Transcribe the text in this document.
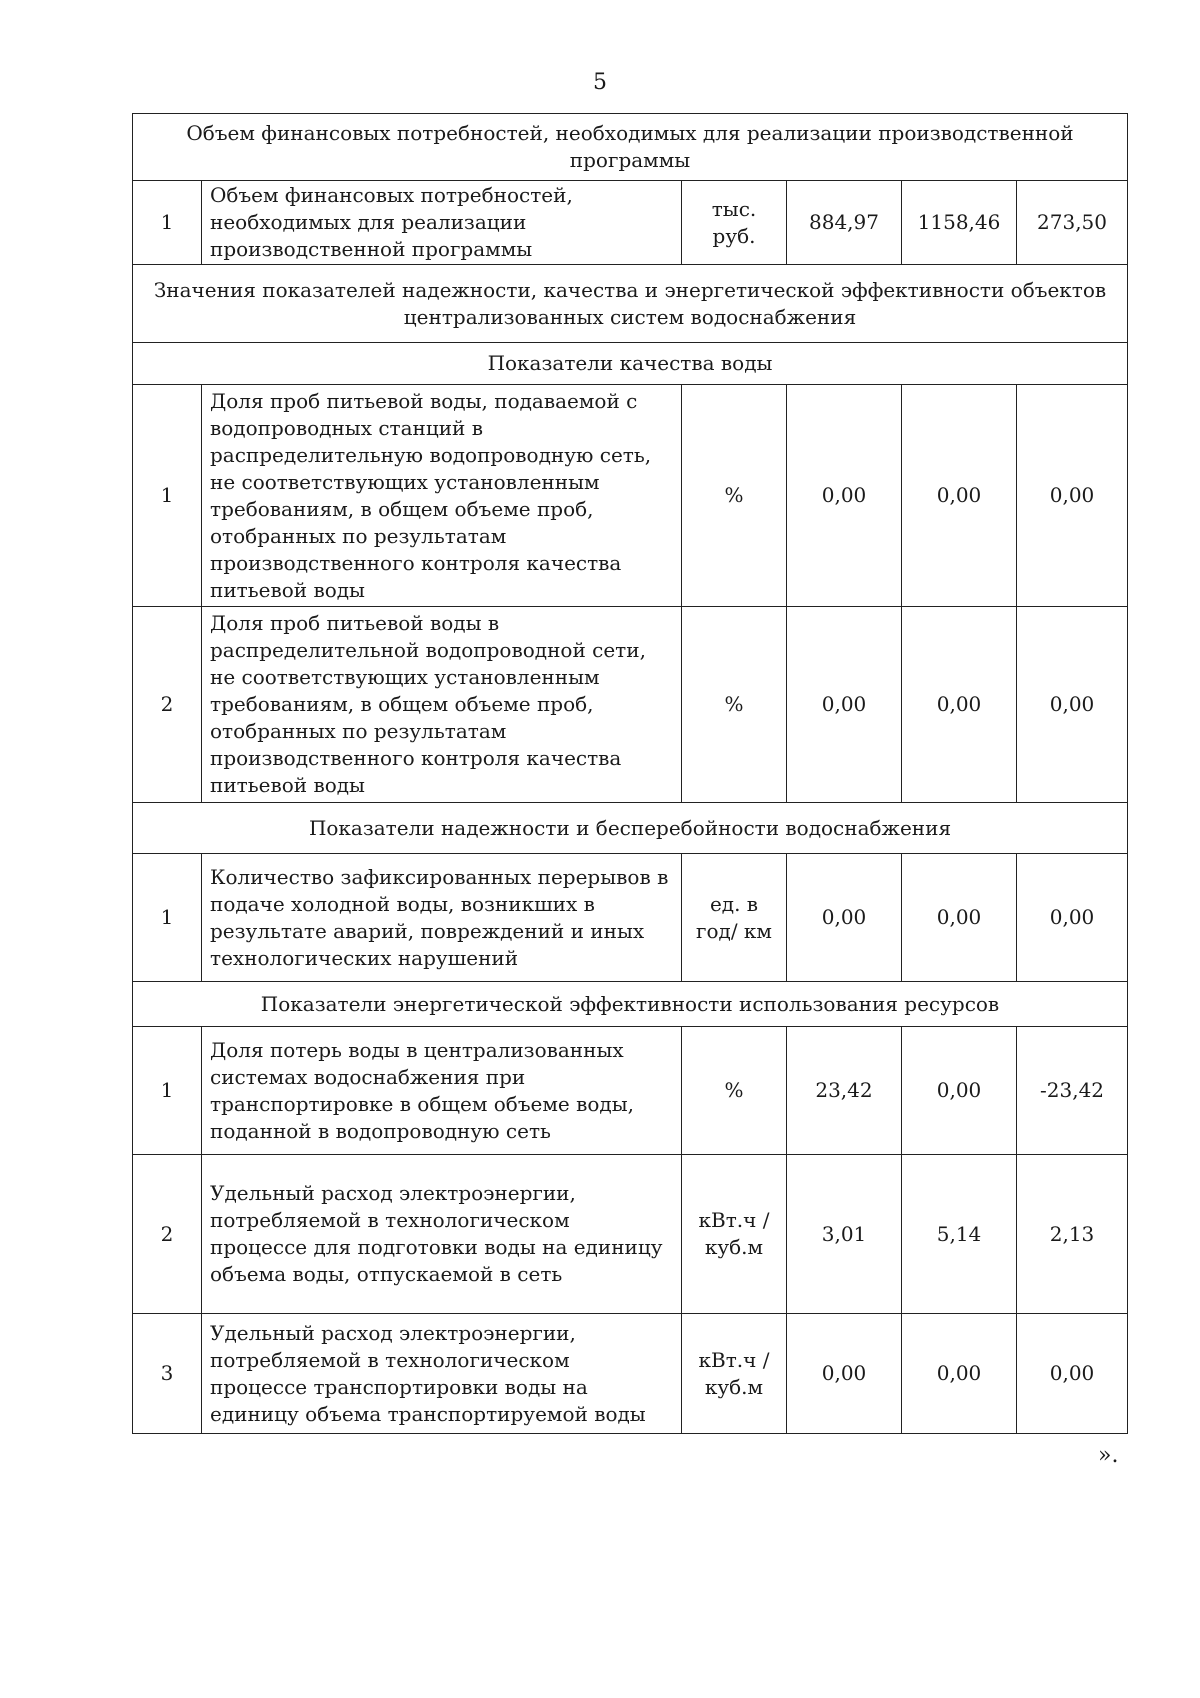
5
Объем финансовых потребностей, необходимых для реализации производственной программы					
1	Объем финансовых потребностей, необходимых для реализации производственной программы	тыс. руб.	884,97	1158,46	273,50
Значения показателей надежности, качества и энергетической эффективности объектов централизованных систем водоснабжения					
Показатели качества воды					
1	Доля проб питьевой воды, подаваемой с водопроводных станций в распределительную водопроводную сеть, не соответствующих установленным требованиям, в общем объеме проб, отобранных по результатам производственного контроля качества питьевой воды	%	0,00	0,00	0,00
2	Доля проб питьевой воды в распределительной водопроводной сети, не соответствующих установленным требованиям, в общем объеме проб, отобранных по результатам производственного контроля качества питьевой воды	%	0,00	0,00	0,00
Показатели надежности и бесперебойности водоснабжения					
1	Количество зафиксированных перерывов в подаче холодной воды, возникших в результате аварий, повреждений и иных технологических нарушений	ед. в год/ км	0,00	0,00	0,00
Показатели энергетической эффективности использования ресурсов					
1	Доля потерь воды в централизованных системах водоснабжения при транспортировке в общем объеме воды, поданной в водопроводную сеть	%	23,42	0,00	-23,42
2	Удельный расход электроэнергии, потребляемой в технологическом процессе для подготовки воды на единицу объема воды, отпускаемой в сеть	кВт.ч / куб.м	3,01	5,14	2,13
3	Удельный расход электроэнергии, потребляемой в технологическом процессе транспортировки воды на единицу объема транспортируемой воды	кВт.ч / куб.м	0,00	0,00	0,00
».
